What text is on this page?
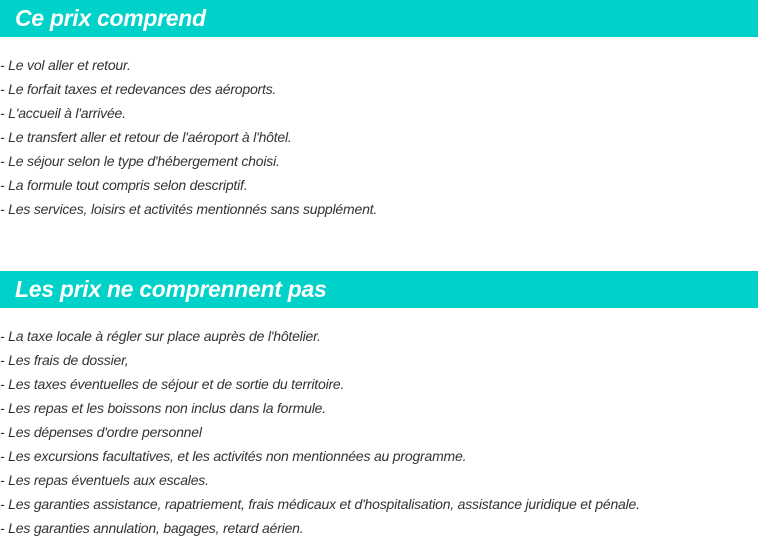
Ce prix comprend
- Le vol aller et retour.
- Le forfait taxes et redevances des aéroports.
- L'accueil à l'arrivée.
- Le transfert aller et retour de l'aéroport à l'hôtel.
- Le séjour selon le type d'hébergement choisi.
- La formule tout compris selon descriptif.
- Les services, loisirs et activités mentionnés sans supplément.
Les prix ne comprennent pas
- La taxe locale à régler sur place auprès de l'hôtelier.
- Les frais de dossier,
- Les taxes éventuelles de séjour et de sortie du territoire.
- Les repas et les boissons non inclus dans la formule.
- Les dépenses d'ordre personnel
- Les excursions facultatives, et les activités non mentionnées au programme.
- Les repas éventuels aux escales.
- Les garanties assistance, rapatriement, frais médicaux et d'hospitalisation, assistance juridique et pénale.
- Les garanties annulation, bagages, retard aérien.
